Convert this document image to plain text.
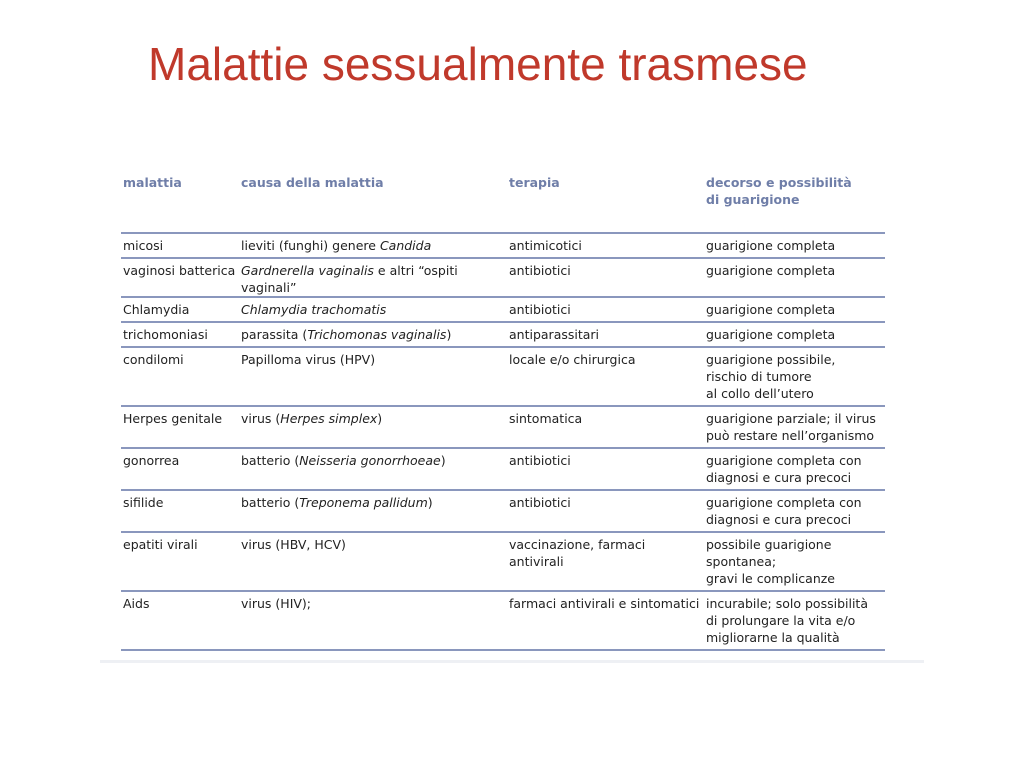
Malattie sessualmente trasmese
malattia	causa della malattia	terapia	decorso e possibilità
di guarigione
micosi	lieviti (funghi) genere Candida	antimicotici	guarigione completa
vaginosi batterica	Gardnerella vaginalis e altri “ospiti vaginali”	antibiotici	guarigione completa
Chlamydia	Chlamydia trachomatis	antibiotici	guarigione completa
trichomoniasi	parassita (Trichomonas vaginalis)	antiparassitari	guarigione completa
condilomi	Papilloma virus (HPV)	locale e/o chirurgica	guarigione possibile,
rischio di tumore
al collo dell’utero
Herpes genitale	virus (Herpes simplex)	sintomatica	guarigione parziale; il virus
può restare nell’organismo
gonorrea	batterio (Neisseria gonorrhoeae)	antibiotici	guarigione completa con
diagnosi e cura precoci
sifilide	batterio (Treponema pallidum)	antibiotici	guarigione completa con
diagnosi e cura precoci
epatiti virali	virus (HBV, HCV)	vaccinazione, farmaci antivirali	possibile guarigione
spontanea;
gravi le complicanze
Aids	virus (HIV);	farmaci antivirali e sintomatici	incurabile; solo possibilità
di prolungare la vita e/o
migliorarne la qualità
